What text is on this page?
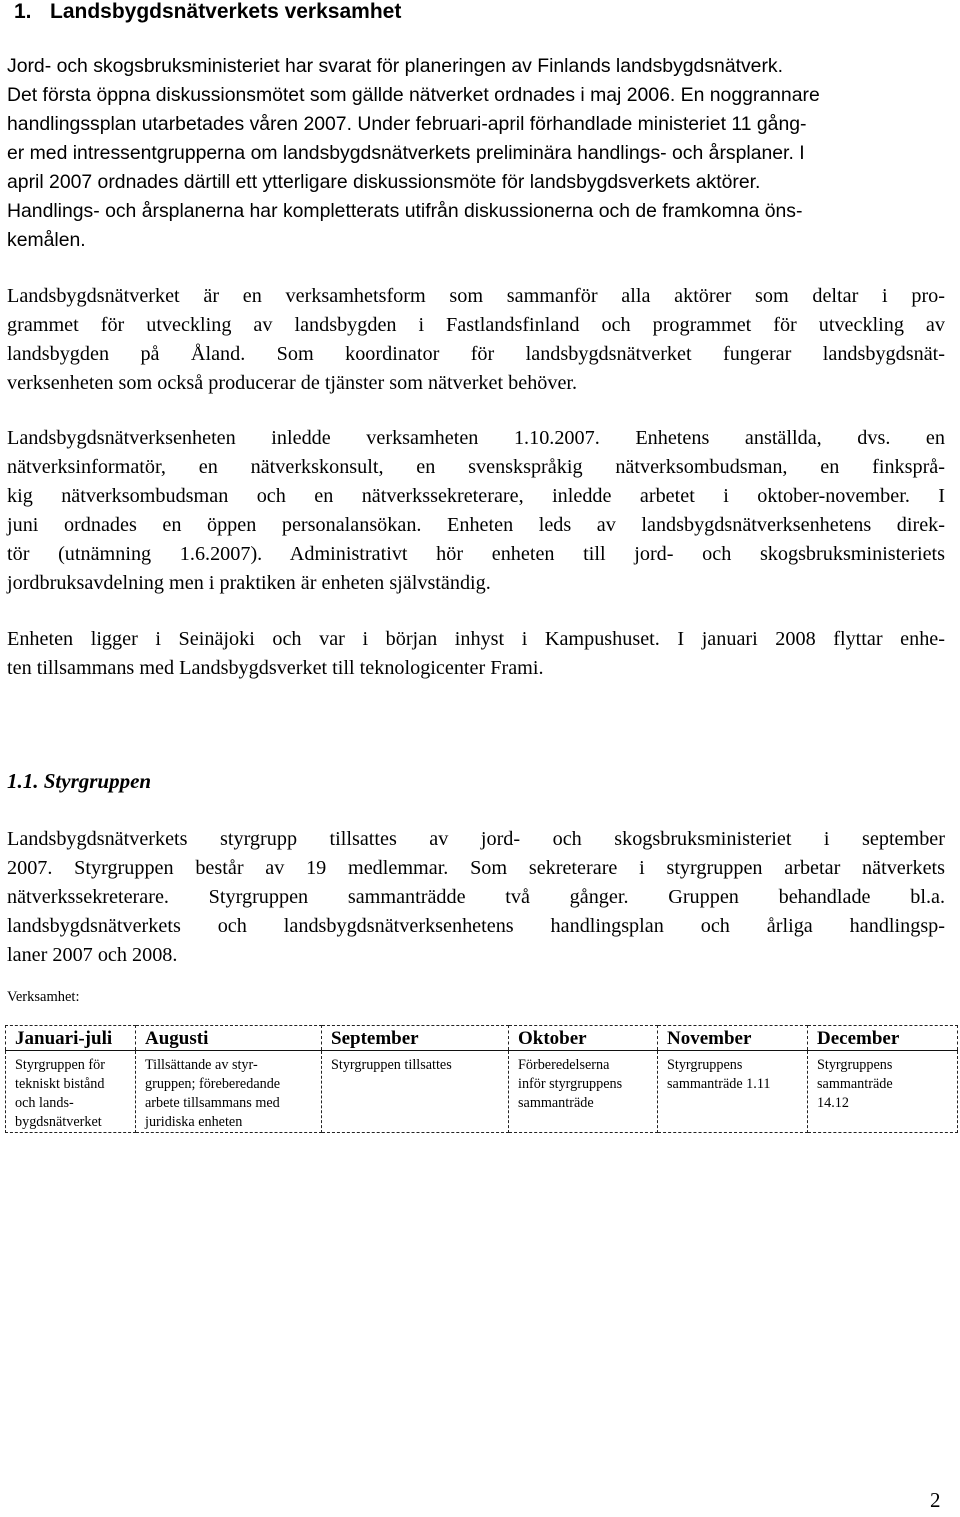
1. Landsbygdsnätverkets verksamhet
Jord- och skogsbruksministeriet har svarat för planeringen av Finlands landsbygdsnätverk.
Det första öppna diskussionsmötet som gällde nätverket ordnades i maj 2006. En noggrannare
handlingssplan utarbetades våren 2007. Under februari-april förhandlade ministeriet 11 gång-
er med intressentgrupperna om landsbygdsnätverkets preliminära handlings- och årsplaner. I
april 2007 ordnades därtill ett ytterligare diskussionsmöte för landsbygdsverkets aktörer.
Handlings- och årsplanerna har kompletterats utifrån diskussionerna och de framkomna öns-
kemålen.
Landsbygdsnätverket är en verksamhetsform som sammanför alla aktörer som deltar i pro-
grammet för utveckling av landsbygden i Fastlandsfinland och programmet för utveckling av
landsbygden på Åland. Som koordinator för landsbygdsnätverket fungerar landsbygdsnät-
verksenheten som också producerar de tjänster som nätverket behöver.
Landsbygdsnätverksenheten inledde verksamheten 1.10.2007. Enhetens anställda, dvs. en
nätverksinformatör, en nätverkskonsult, en svenskspråkig nätverksombudsman, en finksprå-
kig nätverksombudsman och en nätverkssekreterare, inledde arbetet i oktober-november. I
juni ordnades en öppen personalansökan. Enheten leds av landsbygdsnätverksenhetens direk-
tör (utnämning 1.6.2007). Administrativt hör enheten till jord- och skogsbruksministeriets
jordbruksavdelning men i praktiken är enheten självständig.
Enheten ligger i Seinäjoki och var i början inhyst i Kampushuset. I januari 2008 flyttar enhe-
ten tillsammans med Landsbygdsverket till teknologicenter Frami.
1.1. Styrgruppen
Landsbygdsnätverkets styrgrupp tillsattes av jord- och skogsbruksministeriet i september
2007. Styrgruppen består av 19 medlemmar. Som sekreterare i styrgruppen arbetar nätverkets
nätverkssekreterare. Styrgruppen sammanträdde två gånger. Gruppen behandlade bl.a.
landsbygdsnätverkets och landsbygdsnätverksenhetens handlingsplan och årliga handlingsp-
laner 2007 och 2008.

Verksamhet:

Januari-juli	Augusti	September	Oktober	November	December

Styrgruppen för
tekniskt bistånd
och lands-
bygdsnätverket	Tillsättande av styr-
gruppen; föreberedande
arbete tillsammans med
juridiska enheten	Styrgruppen tillsattes	Förberedelserna
inför styrgruppens
sammanträde	Styrgruppens
sammanträde 1.11	Styrgruppens
sammanträde
14.12

2
